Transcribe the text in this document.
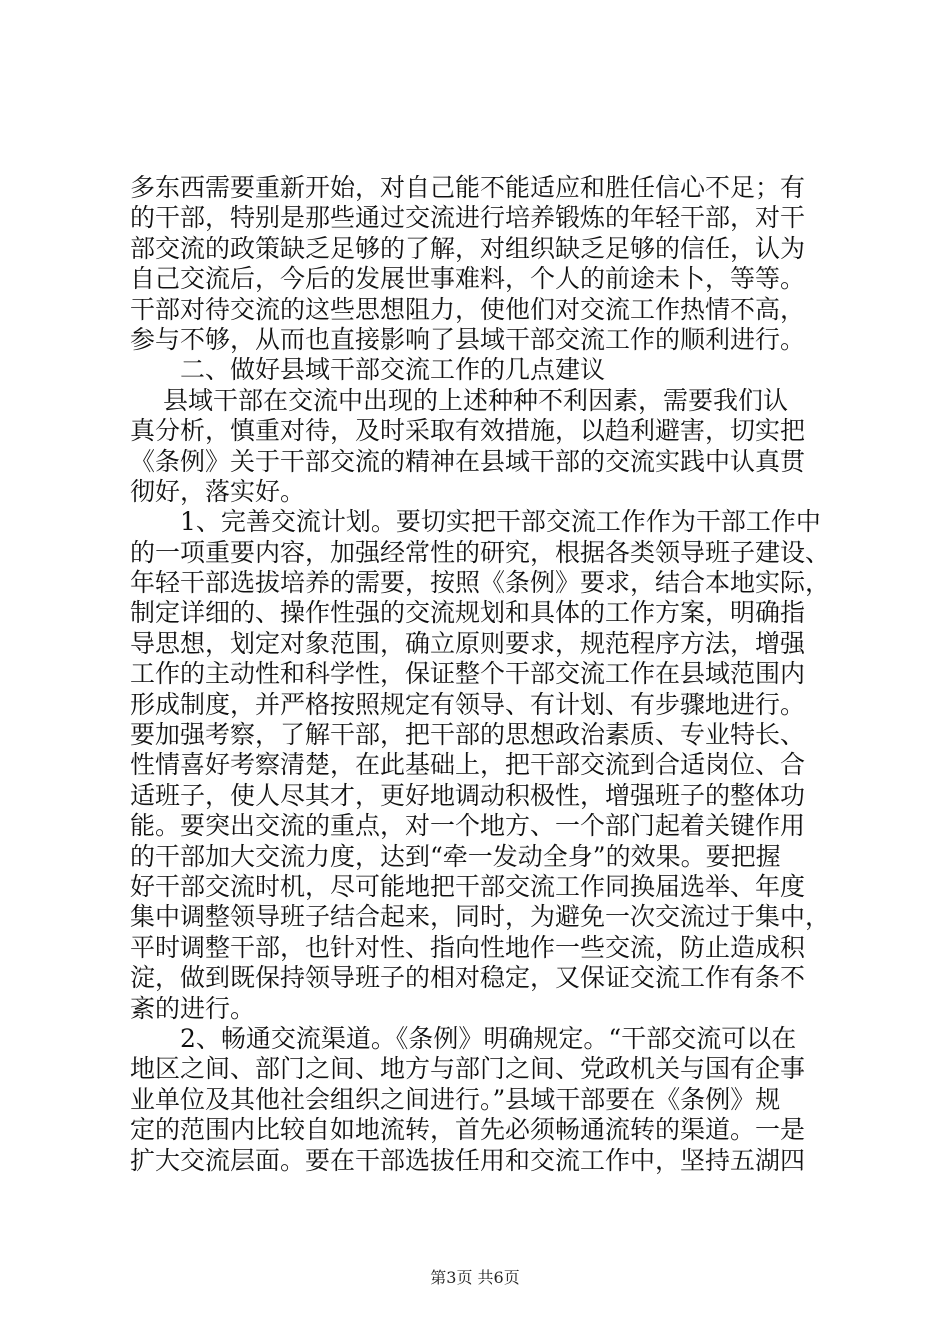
多东西需要重新开始，对自己能不能适应和胜任信心不足；有
的干部，特别是那些通过交流进行培养锻炼的年轻干部，对干
部交流的政策缺乏足够的了解，对组织缺乏足够的信任，认为
自己交流后，今后的发展世事难料，个人的前途未卜，等等。
干部对待交流的这些思想阻力，使他们对交流工作热情不高，
参与不够，从而也直接影响了县域干部交流工作的顺利进行。
　　二、做好县域干部交流工作的几点建议
　 县域干部在交流中出现的上述种种不利因素，需要我们认
真分析，慎重对待，及时采取有效措施，以趋利避害，切实把
《条例》关于干部交流的精神在县域干部的交流实践中认真贯
彻好，落实好。
　　1、完善交流计划。要切实把干部交流工作作为干部工作中
的一项重要内容，加强经常性的研究，根据各类领导班子建设、
年轻干部选拔培养的需要，按照《条例》要求，结合本地实际，
制定详细的、操作性强的交流规划和具体的工作方案，明确指
导思想，划定对象范围，确立原则要求，规范程序方法，增强
工作的主动性和科学性，保证整个干部交流工作在县域范围内
形成制度，并严格按照规定有领导、有计划、有步骤地进行。
要加强考察，了解干部，把干部的思想政治素质、专业特长、
性情喜好考察清楚，在此基础上，把干部交流到合适岗位、合
适班子，使人尽其才，更好地调动积极性，增强班子的整体功
能。要突出交流的重点，对一个地方、一个部门起着关键作用
的干部加大交流力度，达到“牵一发动全身”的效果。要把握
好干部交流时机，尽可能地把干部交流工作同换届选举、年度
集中调整领导班子结合起来，同时，为避免一次交流过于集中，
平时调整干部，也针对性、指向性地作一些交流，防止造成积
淀，做到既保持领导班子的相对稳定，又保证交流工作有条不
紊的进行。
　　2、畅通交流渠道。《条例》明确规定。“干部交流可以在
地区之间、部门之间、地方与部门之间、党政机关与国有企事
业单位及其他社会组织之间进行。”县域干部要在《条例》规
定的范围内比较自如地流转，首先必须畅通流转的渠道。一是
扩大交流层面。要在干部选拔任用和交流工作中，坚持五湖四
第3页 共6页
